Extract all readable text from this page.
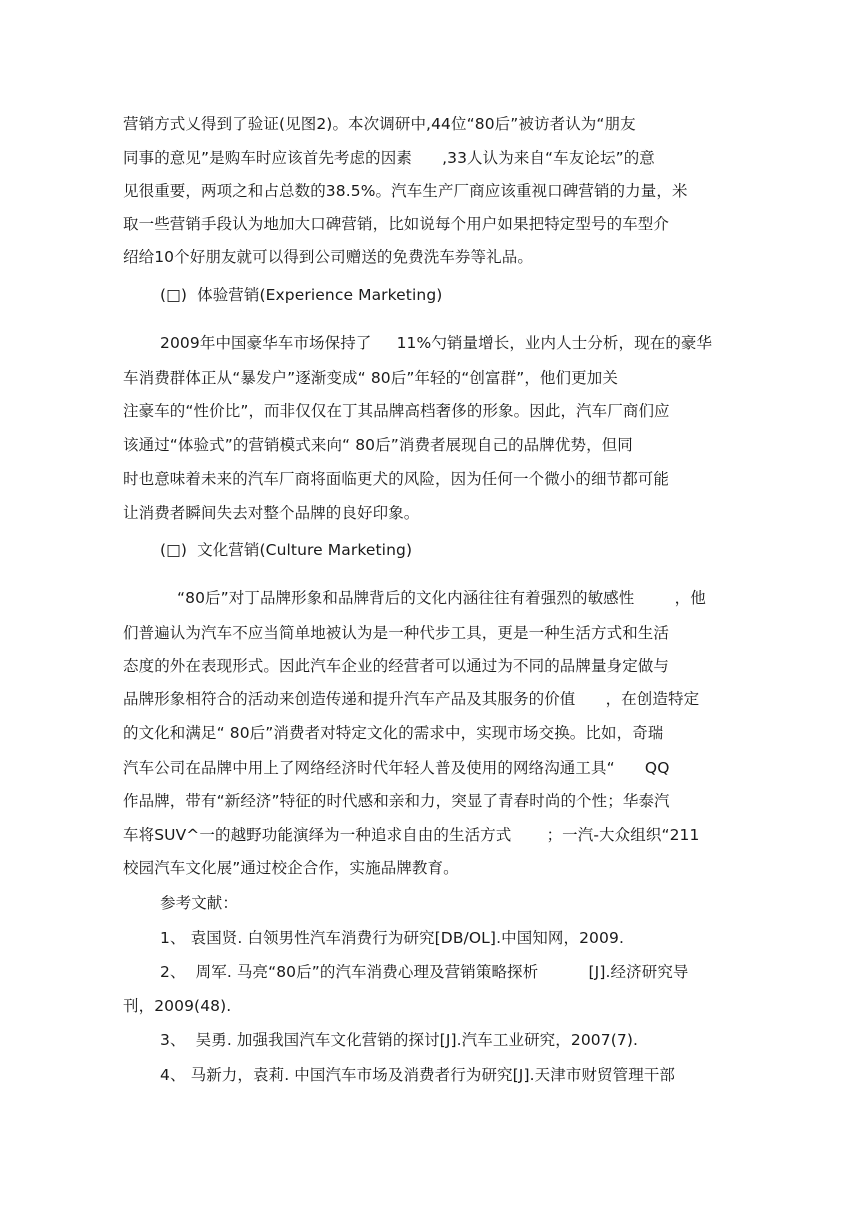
营销方式乂得到了验证(见图2)。本次调研中,44位“80后”被访者认为“朋友
同事的意见”是购车时应该首先考虑的因素      ,33人认为来自“车友论坛”的意
见很重要，两项之和占总数的38.5%。汽车生产厂商应该重视口碑营销的力量，米
取一些营销手段认为地加大口碑营销，比如说每个用户如果把特定型号的车型介
绍给10个好朋友就可以得到公司赠送的免费洗车券等礼品。
(□)  体验营销(Experience Marketing)
2009年中国豪华车市场保持了     11%勺销量增长，业内人士分析，现在的豪华
车消费群体正从“暴发户”逐渐变成“ 80后”年轻的“创富群”，他们更加关
注豪车的“性价比”，而非仅仅在丁其品牌高档奢侈的形象。因此，汽车厂商们应
该通过“体验式”的营销模式来向“ 80后”消费者展现自己的品牌优势，但同
时也意味着未来的汽车厂商将面临更犬的风险，因为任何一个微小的细节都可能
让消费者瞬间失去对整个品牌的良好印象。
(□)  文化营销(Culture Marketing)
“80后”对丁品牌形象和品牌背后的文化内涵往往有着强烈的敏感性        ，他
们普遍认为汽车不应当简单地被认为是一种代步工具，更是一种生活方式和生活
态度的外在表现形式。因此汽车企业的经营者可以通过为不同的品牌量身定做与
品牌形象相符合的活动来创造传递和提升汽车产品及其服务的价值      ，在创造特定
的文化和满足“ 80后”消费者对特定文化的需求中，实现市场交换。比如，奇瑞
汽车公司在品牌中用上了网络经济时代年轻人普及使用的网络沟通工具“      QQ
作品牌，带有“新经济”特征的时代感和亲和力，突显了青春时尚的个性；华泰汽
车将SUV^一的越野功能演绎为一种追求自由的生活方式       ；一汽-大众组织“211
校园汽车文化展”通过校企合作，实施品牌教育。
参考文献：
1、 袁国贤. 白领男性汽车消费行为研究[DB/OL].中国知网，2009.
2、  周军. 马亮“80后”的汽车消费心理及营销策略探析          [J].经济研究导
刊，2009(48).
3、  吴勇. 加强我国汽车文化营销的探讨[J].汽车工业研究，2007(7).
4、 马新力，袁莉. 中国汽车市场及消费者行为研究[J].天津市财贸管理干部
